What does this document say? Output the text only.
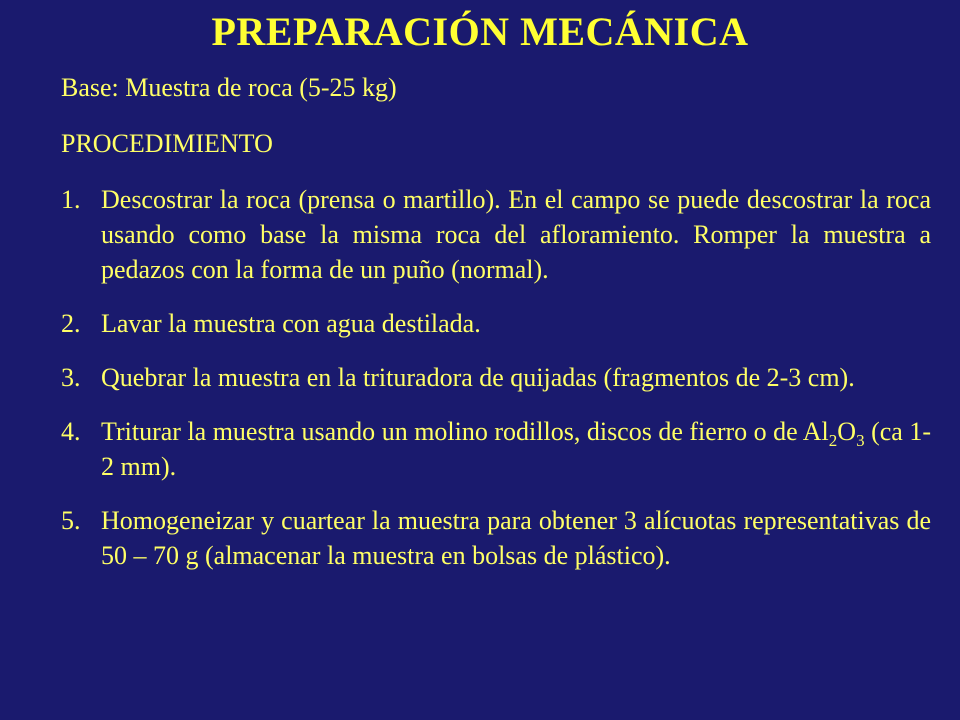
PREPARACIÓN MECÁNICA

Base: Muestra de roca (5-25 kg)

PROCEDIMIENTO

1. Descostrar la roca (prensa o martillo). En el campo se puede descostrar la roca usando como base la misma roca del afloramiento. Romper la muestra a pedazos con la forma de un puño (normal).
2. Lavar la muestra con agua destilada.
3. Quebrar la muestra en la trituradora de quijadas (fragmentos de 2-3 cm).
4. Triturar la muestra usando un molino rodillos, discos de fierro o de $Al_2O_3$ (ca 1-2 mm).
5. Homogeneizar y cuartear la muestra para obtener 3 alícuotas representativas de 50 – 70 g (almacenar la muestra en bolsas de plástico).
